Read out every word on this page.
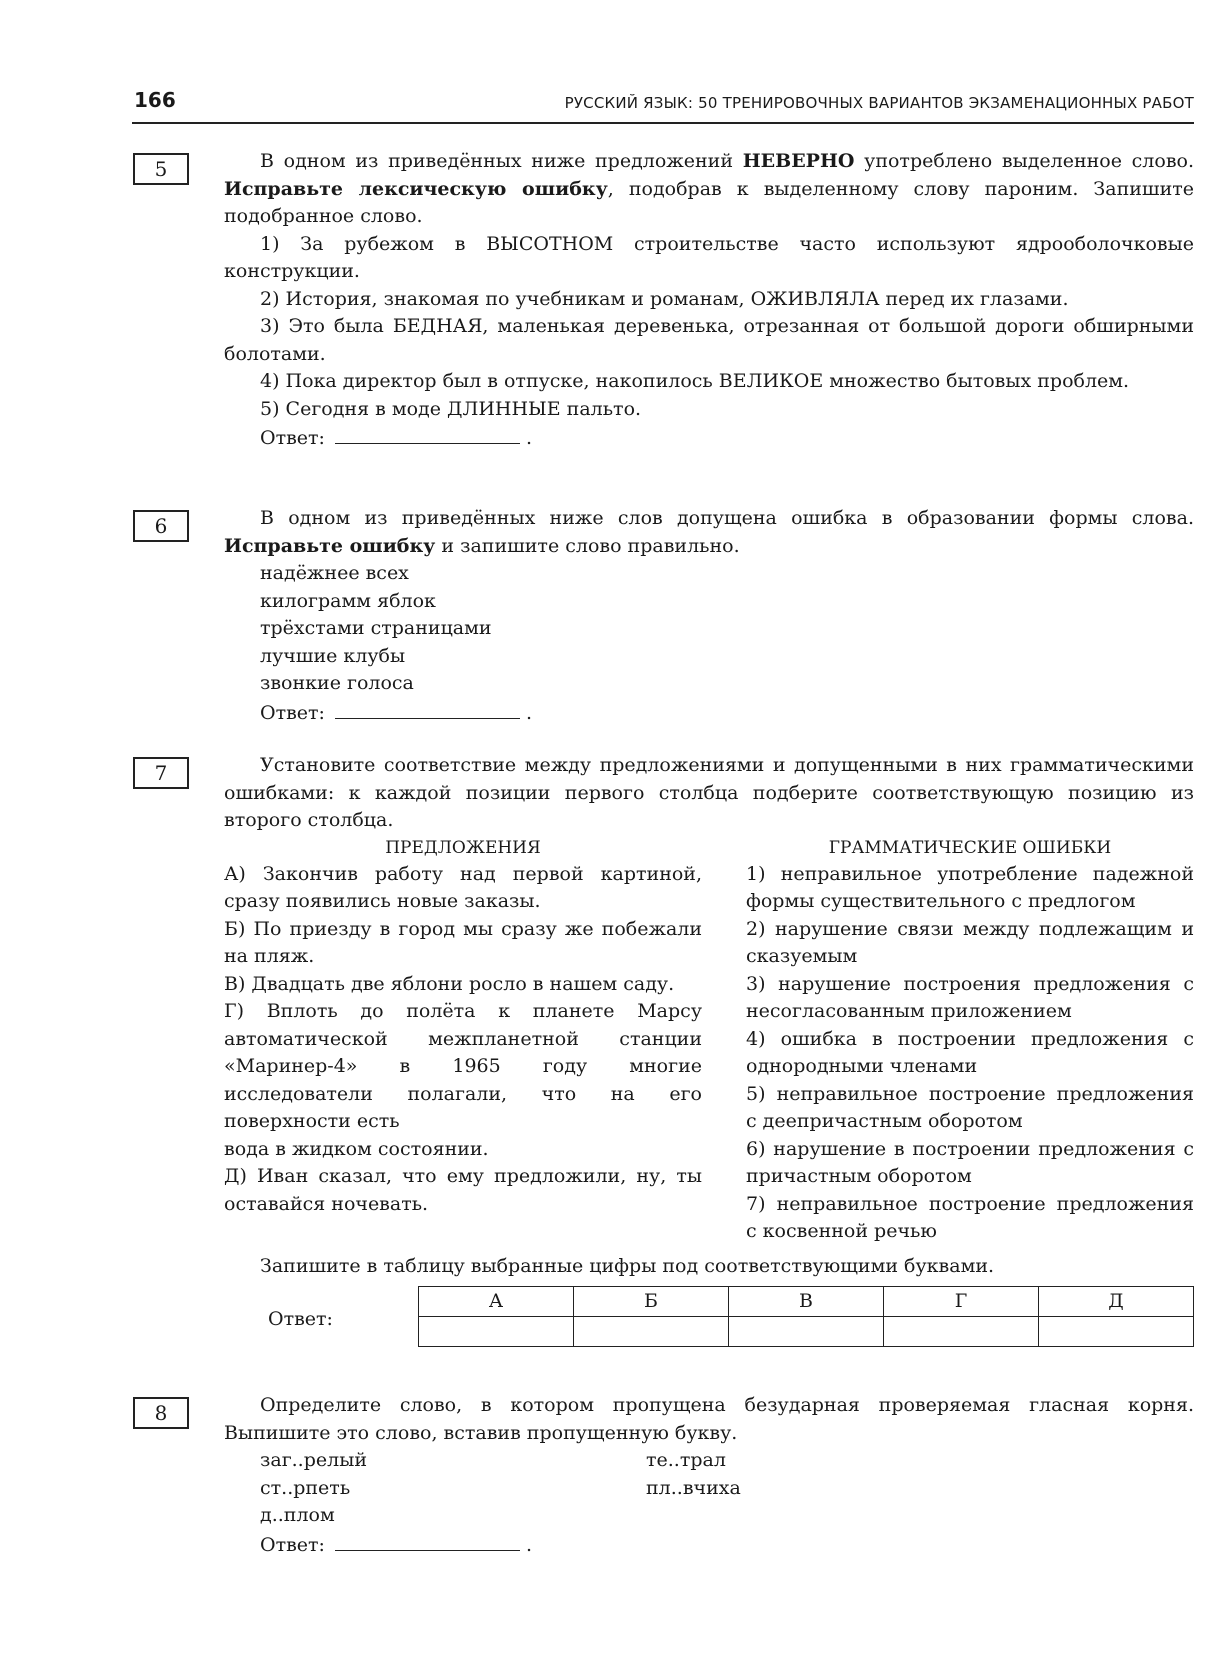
166	РУССКИЙ ЯЗЫК: 50 ТРЕНИРОВОЧНЫХ ВАРИАНТОВ ЭКЗАМЕНАЦИОННЫХ РАБОТ
5	В одном из приведённых ниже предложений НЕВЕРНО употреблено выделенное слово. Исправьте лексическую ошибку, подобрав к выделенному слову пароним. Запишите подобранное слово.

1) За рубежом в ВЫСОТНОМ строительстве часто используют ядрооболочковые конструкции.

2) История, знакомая по учебникам и романам, ОЖИВЛЯЛА перед их глазами.

3) Это была БЕДНАЯ, маленькая деревенька, отрезанная от большой дороги обширными болотами.

4) Пока директор был в отпуске, накопилось ВЕЛИКОЕ множество бытовых проблем.

5) Сегодня в моде ДЛИННЫЕ пальто.

Ответ:	.
6	В одном из приведённых ниже слов допущена ошибка в образовании формы слова. Исправьте ошибку и запишите слово правильно.

надёжнее всех

килограмм яблок

трёхстами страницами

лучшие клубы

звонкие голоса

Ответ:	.
7	Установите соответствие между предложениями и допущенными в них грамматическими ошибками: к каждой позиции первого столбца подберите соответствующую позицию из второго столбца.

ПРЕДЛОЖЕНИЯ
А) Закончив работу над первой картиной, сразу появились новые заказы.
Б) По приезду в город мы сразу же побежали на пляж.
В) Двадцать две яблони росло в нашем саду.
Г) Вплоть до полёта к планете Марсу автоматической межпланетной станции «Маринер-4» в 1965 году многие исследователи полагали, что на его поверхности есть
вода в жидком состоянии.
Д) Иван сказал, что ему предложили, ну, ты оставайся ночевать.
ГРАММАТИЧЕСКИЕ ОШИБКИ
1) неправильное употребление падежной формы существительного с предлогом
2) нарушение связи между подлежащим и сказуемым
3) нарушение построения предложения с несогласованным приложением
4) ошибка в построении предложения с однородными членами
5) неправильное построение предложения с деепричастным оборотом
6) нарушение в построении предложения с причастным оборотом
7) неправильное построение предложения с косвенной речью

Запишите в таблицу выбранные цифры под соответствующими буквами.

Ответ:
А	Б	В	Г	Д

8	Определите слово, в котором пропущена безударная проверяемая гласная корня. Выпишите это слово, вставив пропущенную букву.

заг..релый	те..трал
ст..рпеть	пл..вчиха
д..плом
Ответ:	.
